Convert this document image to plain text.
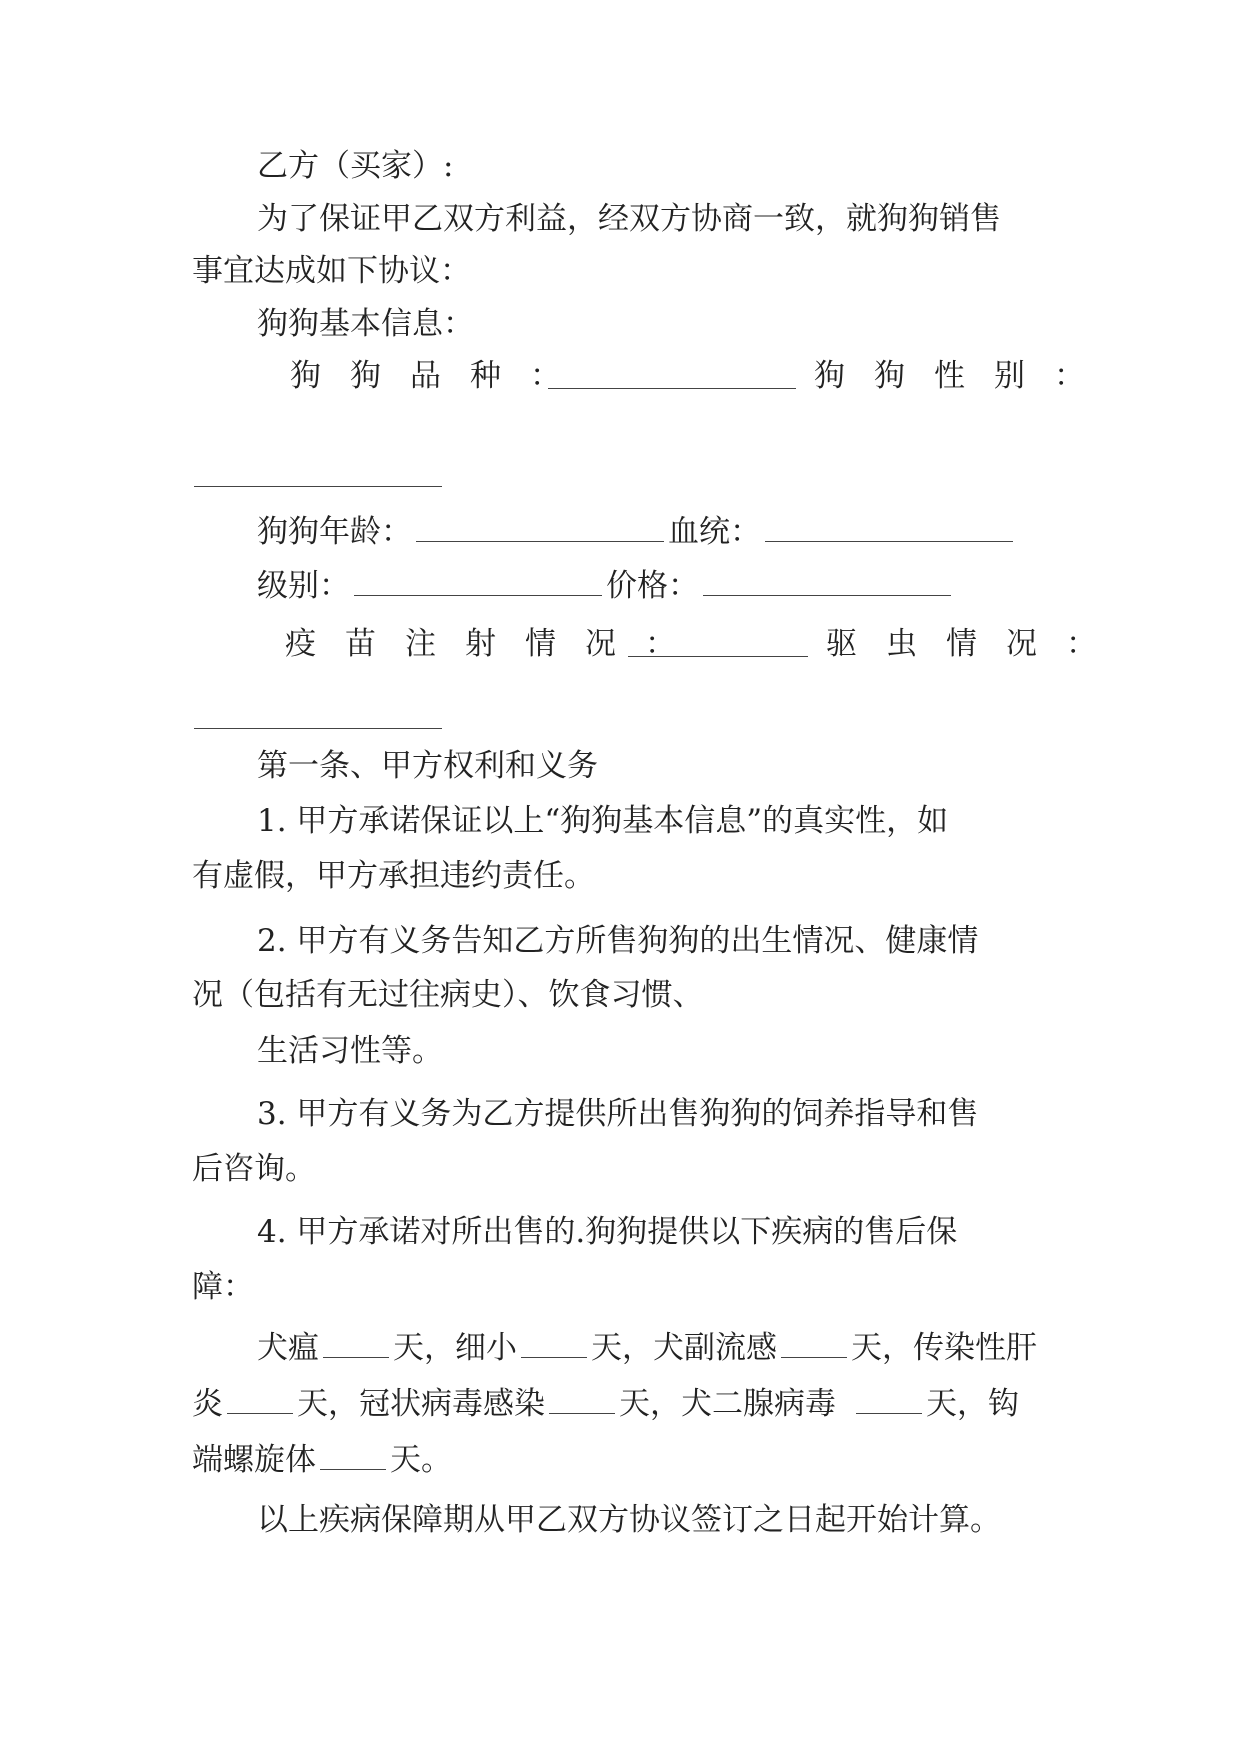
乙方（买家）:
为了保证甲乙双方利益，经双方协商一致，就狗狗销售
事宜达成如下协议：
狗狗基本信息：
狗狗品种：	狗狗性别：
狗狗年龄：	血统：
级别：	价格：
疫苗注射情况：	驱虫情况：
第一条、甲方权利和义务
1. 甲方承诺保证以上“狗狗基本信息”的真实性，如
有虚假，甲方承担违约责任。
2. 甲方有义务告知乙方所售狗狗的出生情况、健康情
况（包括有无过往病史）、饮食习惯、
生活习性等。
3. 甲方有义务为乙方提供所出售狗狗的饲养指导和售
后咨询。
4. 甲方承诺对所出售的.狗狗提供以下疾病的售后保
障：
犬瘟 天，细小 天，犬副流感 天，传染性肝
炎 天，冠状病毒感染 天，犬二腺病毒	天，钩
端螺旋体 天。
以上疾病保障期从甲乙双方协议签订之日起开始计算。
